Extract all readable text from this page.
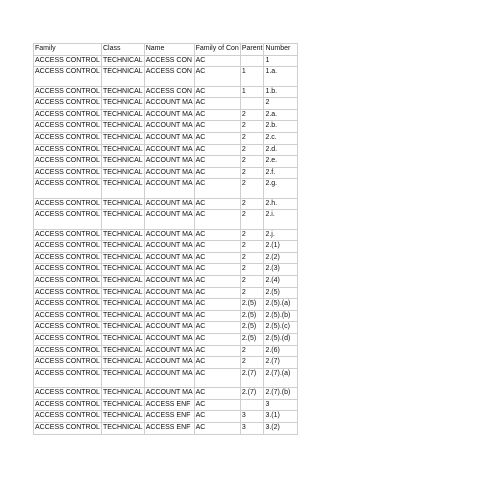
Family	Class	Name	Family of Con	Parent	Number
ACCESS CONTROL	TECHNICAL	ACCESS CON	AC		1
ACCESS CONTROL	TECHNICAL	ACCESS CON	AC	1	1.a.
ACCESS CONTROL	TECHNICAL	ACCESS CON	AC	1	1.b.
ACCESS CONTROL	TECHNICAL	ACCOUNT MA	AC		2
ACCESS CONTROL	TECHNICAL	ACCOUNT MA	AC	2	2.a.
ACCESS CONTROL	TECHNICAL	ACCOUNT MA	AC	2	2.b.
ACCESS CONTROL	TECHNICAL	ACCOUNT MA	AC	2	2.c.
ACCESS CONTROL	TECHNICAL	ACCOUNT MA	AC	2	2.d.
ACCESS CONTROL	TECHNICAL	ACCOUNT MA	AC	2	2.e.
ACCESS CONTROL	TECHNICAL	ACCOUNT MA	AC	2	2.f.
ACCESS CONTROL	TECHNICAL	ACCOUNT MA	AC	2	2.g.
ACCESS CONTROL	TECHNICAL	ACCOUNT MA	AC	2	2.h.
ACCESS CONTROL	TECHNICAL	ACCOUNT MA	AC	2	2.i.
ACCESS CONTROL	TECHNICAL	ACCOUNT MA	AC	2	2.j.
ACCESS CONTROL	TECHNICAL	ACCOUNT MA	AC	2	2.(1)
ACCESS CONTROL	TECHNICAL	ACCOUNT MA	AC	2	2.(2)
ACCESS CONTROL	TECHNICAL	ACCOUNT MA	AC	2	2.(3)
ACCESS CONTROL	TECHNICAL	ACCOUNT MA	AC	2	2.(4)
ACCESS CONTROL	TECHNICAL	ACCOUNT MA	AC	2	2.(5)
ACCESS CONTROL	TECHNICAL	ACCOUNT MA	AC	2.(5)	2.(5).(a)
ACCESS CONTROL	TECHNICAL	ACCOUNT MA	AC	2.(5)	2.(5).(b)
ACCESS CONTROL	TECHNICAL	ACCOUNT MA	AC	2.(5)	2.(5).(c)
ACCESS CONTROL	TECHNICAL	ACCOUNT MA	AC	2.(5)	2.(5).(d)
ACCESS CONTROL	TECHNICAL	ACCOUNT MA	AC	2	2.(6)
ACCESS CONTROL	TECHNICAL	ACCOUNT MA	AC	2	2.(7)
ACCESS CONTROL	TECHNICAL	ACCOUNT MA	AC	2.(7)	2.(7).(a)
ACCESS CONTROL	TECHNICAL	ACCOUNT MA	AC	2.(7)	2.(7).(b)
ACCESS CONTROL	TECHNICAL	ACCESS ENF	AC		3
ACCESS CONTROL	TECHNICAL	ACCESS ENF	AC	3	3.(1)
ACCESS CONTROL	TECHNICAL	ACCESS ENF	AC	3	3.(2)
